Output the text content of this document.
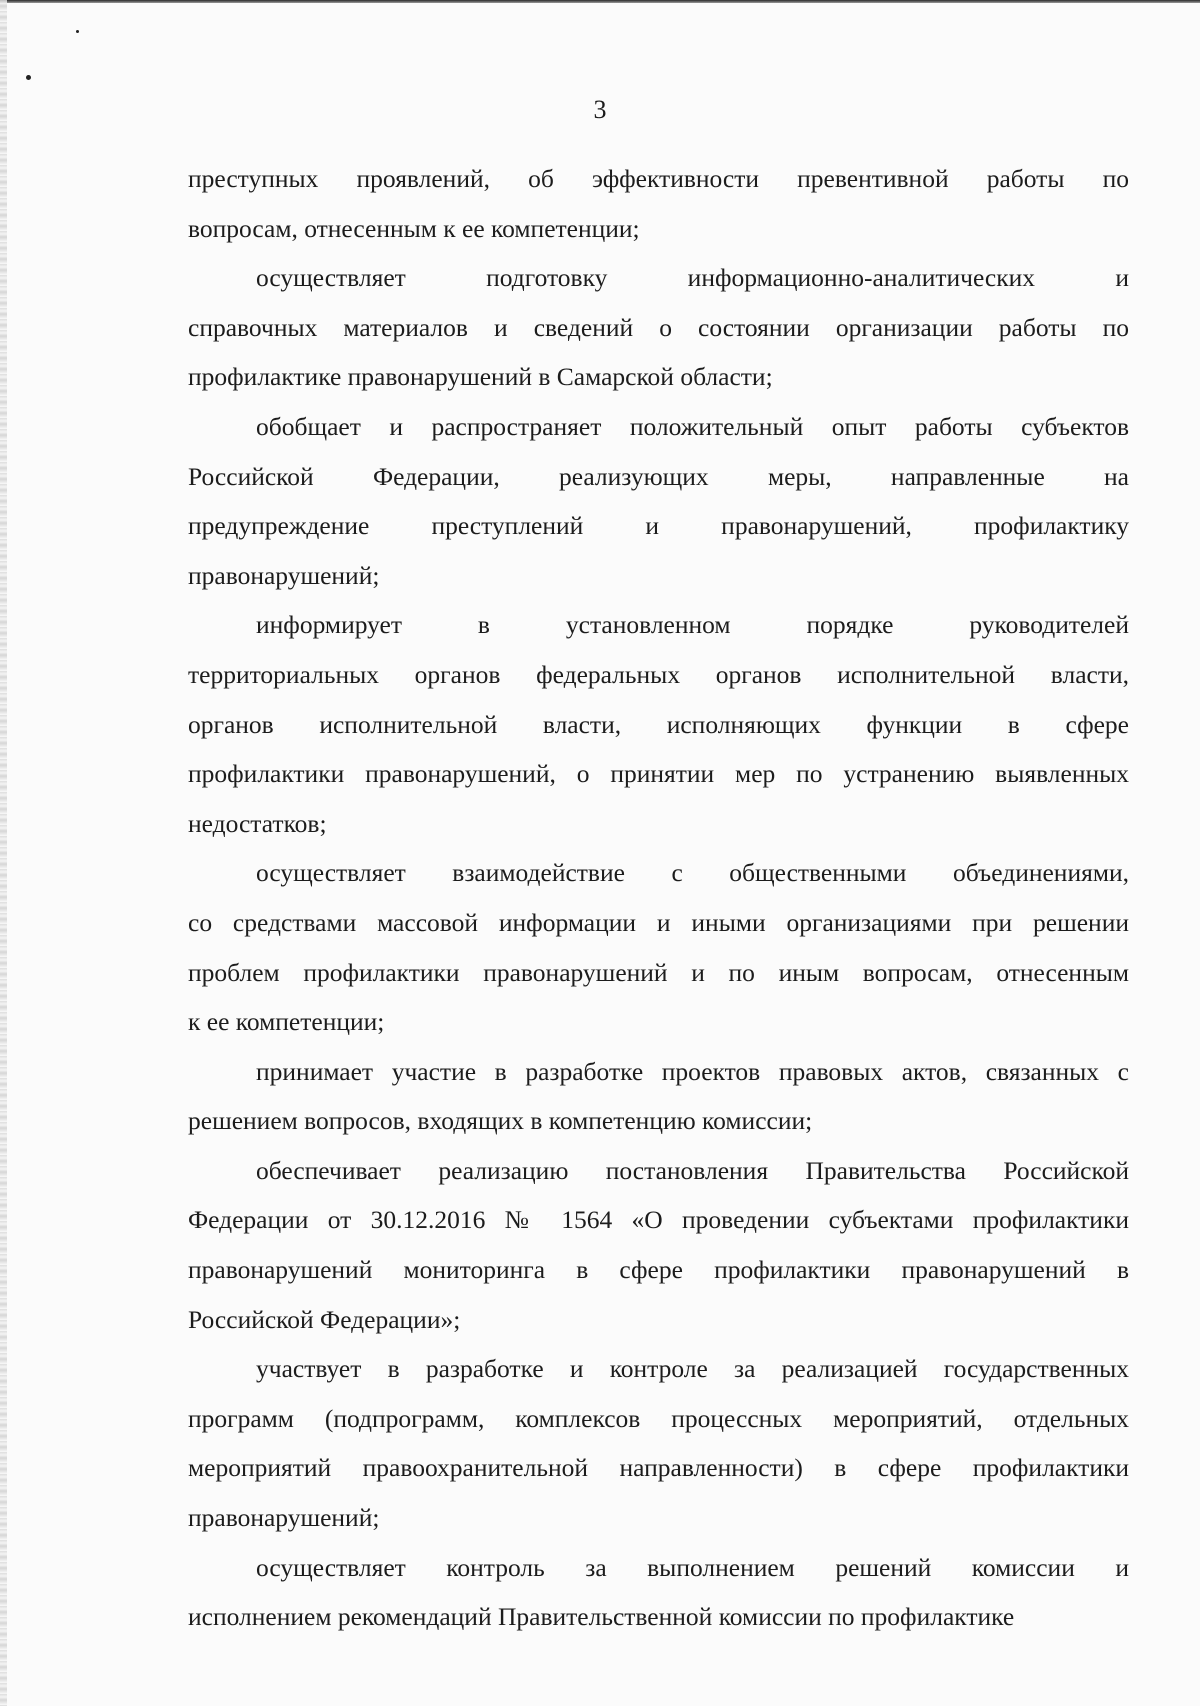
3
преступных проявлений, об эффективности превентивной работы по
вопросам, отнесенным к ее компетенции;
осуществляет подготовку информационно-аналитических и
справочных материалов и сведений о состоянии организации работы по
профилактике правонарушений в Самарской области;
обобщает и распространяет положительный опыт работы субъектов
Российской Федерации, реализующих меры, направленные на
предупреждение преступлений и правонарушений, профилактику
правонарушений;
информирует в установленном порядке руководителей
территориальных органов федеральных органов исполнительной власти,
органов исполнительной власти, исполняющих функции в сфере
профилактики правонарушений, о принятии мер по устранению выявленных
недостатков;
осуществляет взаимодействие с общественными объединениями,
со средствами массовой информации и иными организациями при решении
проблем профилактики правонарушений и по иным вопросам, отнесенным
к ее компетенции;
принимает участие в разработке проектов правовых актов, связанных с
решением вопросов, входящих в компетенцию комиссии;
обеспечивает реализацию постановления Правительства Российской
Федерации от 30.12.2016 № 1564 «О проведении субъектами профилактики
правонарушений мониторинга в сфере профилактики правонарушений в
Российской Федерации»;
участвует в разработке и контроле за реализацией государственных
программ (подпрограмм, комплексов процессных мероприятий, отдельных
мероприятий правоохранительной направленности) в сфере профилактики
правонарушений;
осуществляет контроль за выполнением решений комиссии и
исполнением рекомендаций Правительственной комиссии по профилактике
